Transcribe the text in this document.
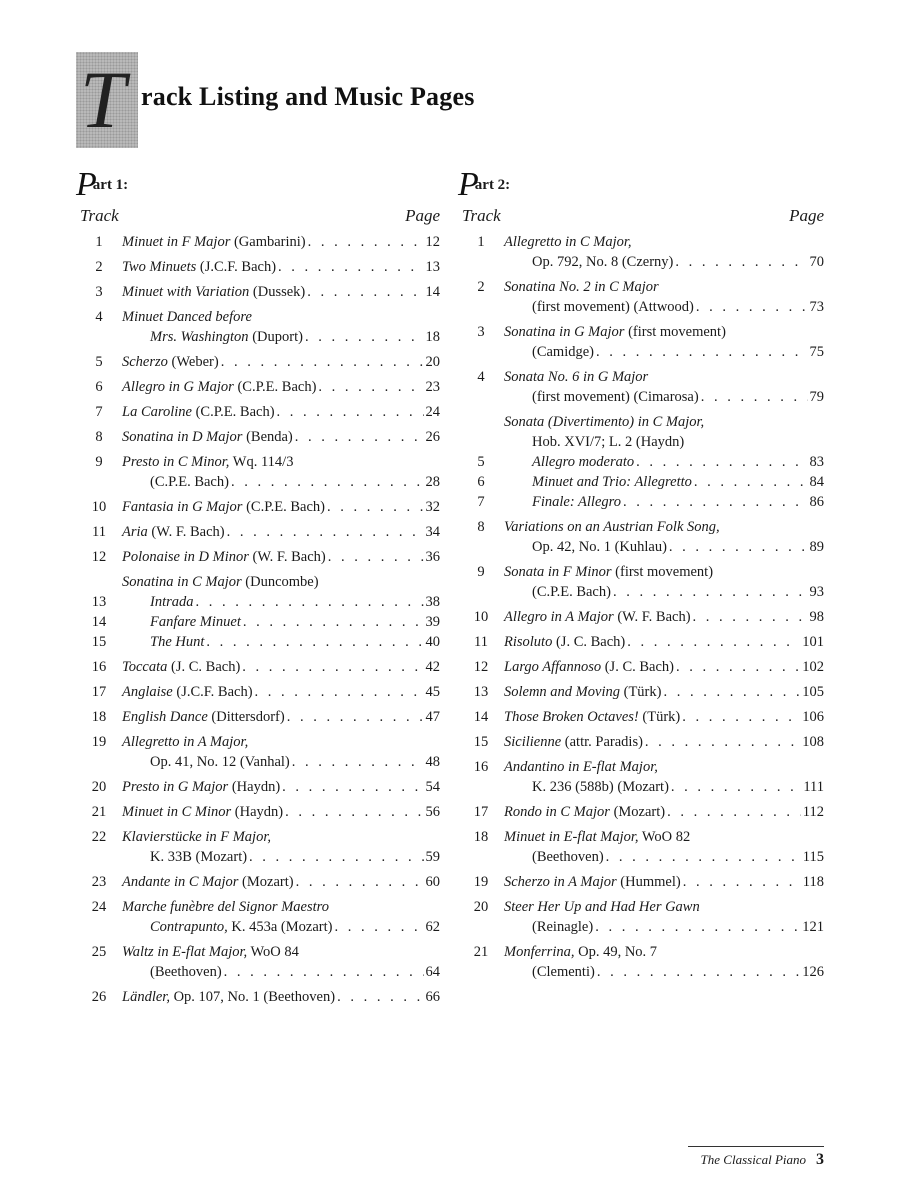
T rack Listing and Music Pages
Part 1:
Track	Page
1	Minuet in F Major (Gambarini) . . .	12
2	Two Minuets (J.C.F. Bach) . . .	13
3	Minuet with Variation (Dussek) . . .	14
4	Minuet Danced before
Mrs. Washington (Duport) . . .	18
5	Scherzo (Weber) . . .	20
6	Allegro in G Major (C.P.E. Bach) . . .	23
7	La Caroline (C.P.E. Bach) . . .	24
8	Sonatina in D Major (Benda) . . .	26
9	Presto in C Minor, Wq. 114/3
(C.P.E. Bach) . . .	28
10	Fantasia in G Major (C.P.E. Bach) . . .	32
11	Aria (W. F. Bach) . . .	34
12	Polonaise in D Minor (W. F. Bach) . . .	36
Sonatina in C Major (Duncombe)
13	Intrada . . .	38
14	Fanfare Minuet . . .	39
15	The Hunt . . .	40
16	Toccata (J. C. Bach) . . .	42
17	Anglaise (J.C.F. Bach) . . .	45
18	English Dance (Dittersdorf) . . .	47
19	Allegretto in A Major,
Op. 41, No. 12 (Vanhal) . . .	48
20	Presto in G Major (Haydn) . . .	54
21	Minuet in C Minor (Haydn) . . .	56
22	Klavierstücke in F Major,
K. 33B (Mozart) . . .	59
23	Andante in C Major (Mozart) . . .	60
24	Marche funèbre del Signor Maestro
Contrapunto, K. 453a (Mozart) . . .	62
25	Waltz in E-flat Major, WoO 84
(Beethoven) . . .	64
26	Ländler, Op. 107, No. 1 (Beethoven) . . .	66
Part 2:
Track	Page
1	Allegretto in C Major,
Op. 792, No. 8 (Czerny) . . .	70
2	Sonatina No. 2 in C Major
(first movement) (Attwood) . . .	73
3	Sonatina in G Major (first movement)
(Camidge) . . .	75
4	Sonata No. 6 in G Major
(first movement) (Cimarosa) . . .	79
Sonata (Divertimento) in C Major,
Hob. XVI/7; L. 2 (Haydn)
5	Allegro moderato . . .	83
6	Minuet and Trio: Allegretto . . .	84
7	Finale: Allegro . . .	86
8	Variations on an Austrian Folk Song,
Op. 42, No. 1 (Kuhlau) . . .	89
9	Sonata in F Minor (first movement)
(C.P.E. Bach) . . .	93
10	Allegro in A Major (W. F. Bach) . . .	98
11	Risoluto (J. C. Bach) . . .	101
12	Largo Affannoso (J. C. Bach) . . .	102
13	Solemn and Moving (Türk) . . .	105
14	Those Broken Octaves! (Türk) . . .	106
15	Sicilienne (attr. Paradis) . . .	108
16	Andantino in E-flat Major,
K. 236 (588b) (Mozart) . . .	111
17	Rondo in C Major (Mozart) . . .	112
18	Minuet in E-flat Major, WoO 82
(Beethoven) . . .	115
19	Scherzo in A Major (Hummel) . . .	118
20	Steer Her Up and Had Her Gawn
(Reinagle) . . .	121
21	Monferrina, Op. 49, No. 7
(Clementi) . . .	126
The Classical Piano 3
